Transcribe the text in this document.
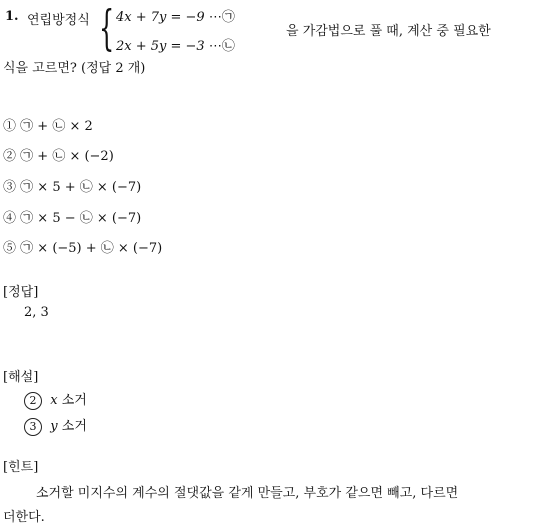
1. 연립방정식 { 4x + 7y = −9 ⋯㉠
2x + 5y = −3 ⋯㉡
을 가감법으로 풀 때, 계산 중 필요한
식을 고르면? (정답 2 개)
① ㉠ + ㉡ × 2
② ㉠ + ㉡ × (−2)
③ ㉠ × 5 + ㉡ × (−7)
④ ㉠ × 5 − ㉡ × (−7)
⑤ ㉠ × (−5) + ㉡ × (−7)
[정답]
2, 3
[해설]
2 x 소거
3 y 소거
[힌트]
소거할 미지수의 계수의 절댓값을 같게 만들고, 부호가 같으면 빼고, 다르면
더한다.
